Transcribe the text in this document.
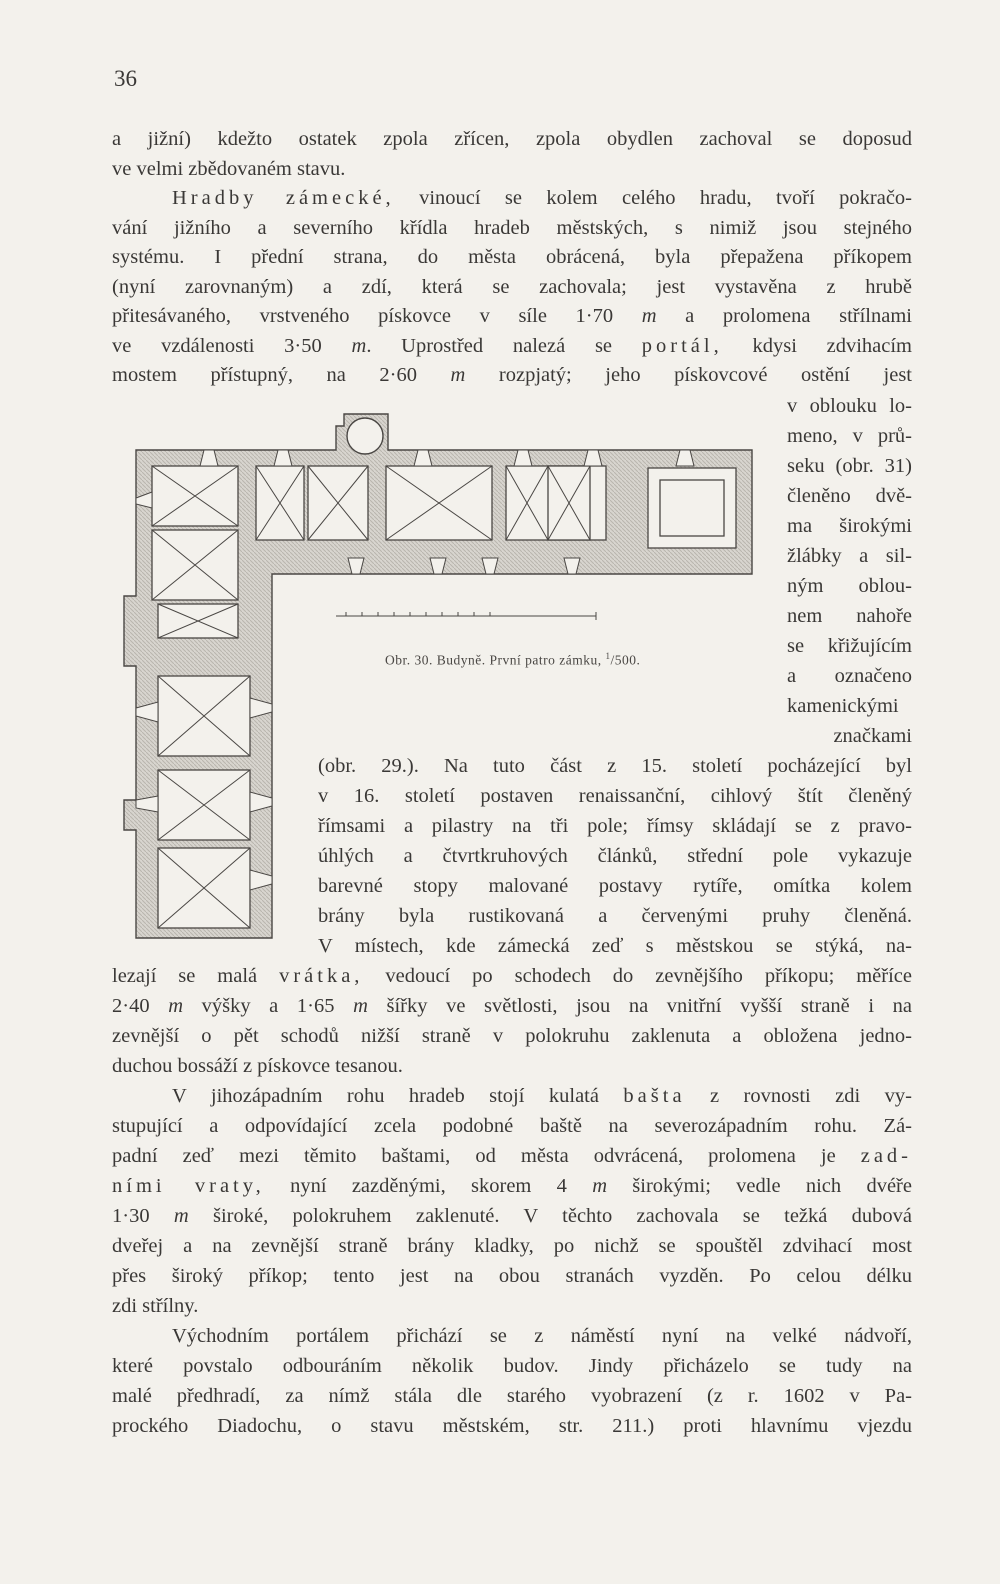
36

a jižní) kdežto ostatek zpola zřícen, zpola obydlen zachoval se doposud

ve velmi zbědovaném stavu.

Hradby zámecké, vinoucí se kolem celého hradu, tvoří pokračo-

vání jižního a severního křídla hradeb městských, s nimiž jsou stejného

systému. I přední strana, do města obrácená, byla přepažena příkopem

(nyní zarovnaným) a zdí, která se zachovala; jest vystavěna z hrubě

přitesávaného, vrstveného pískovce v síle 1·70 m a prolomena střílnami

ve vzdálenosti 3·50 m. Uprostřed nalezá se portál, kdysi zdvihacím

mostem přístupný, na 2·60 m rozpjatý; jeho pískovcové ostění jest

v oblouku lo-

meno, v prů-

seku (obr. 31)

členěno dvě-

ma širokými

žlábky a sil-

ným oblou-

nem nahoře

se křižujícím

a označeno

kamenickými

značkami

(obr. 29.). Na tuto část z 15. století pocházející byl

v 16. století postaven renaissanční, cihlový štít členěný

římsami a pilastry na tři pole; římsy skládají se z pravo-

úhlých a čtvrtkruhových článků, střední pole vykazuje

barevné stopy malované postavy rytíře, omítka kolem

brány byla rustikovaná a červenými pruhy členěná.

V místech, kde zámecká zeď s městskou se stýká, na-

lezají se malá vrátka, vedoucí po schodech do zevnějšího příkopu; měříce

2·40 m výšky a 1·65 m šířky ve světlosti, jsou na vnitřní vyšší straně i na

zevnější o pět schodů nižší straně v polokruhu zaklenuta a obložena jedno-

duchou bossáží z pískovce tesanou.

V jihozápadním rohu hradeb stojí kulatá bašta z rovnosti zdi vy-

stupující a odpovídající zcela podobné baště na severozápadním rohu. Zá-

padní zeď mezi těmito baštami, od města odvrácená, prolomena je zad-

ními vraty, nyní zazděnými, skorem 4 m širokými; vedle nich dvéře

1·30 m široké, polokruhem zaklenuté. V těchto zachovala se težká dubová

dveřej a na zevnější straně brány kladky, po nichž se spouštěl zdvihací most

přes široký příkop; tento jest na obou stranách vyzděn. Po celou délku

zdi střílny.

Východním portálem přichází se z náměstí nyní na velké nádvoří,

které povstalo odbouráním několik budov. Jindy přicházelo se tudy na

malé předhradí, za nímž stála dle starého vyobrazení (z r. 1602 v Pa-

prockého Diadochu, o stavu městském, str. 211.) proti hlavnímu vjezdu

Obr. 30. Budyně. První patro zámku, $^1$/500.
